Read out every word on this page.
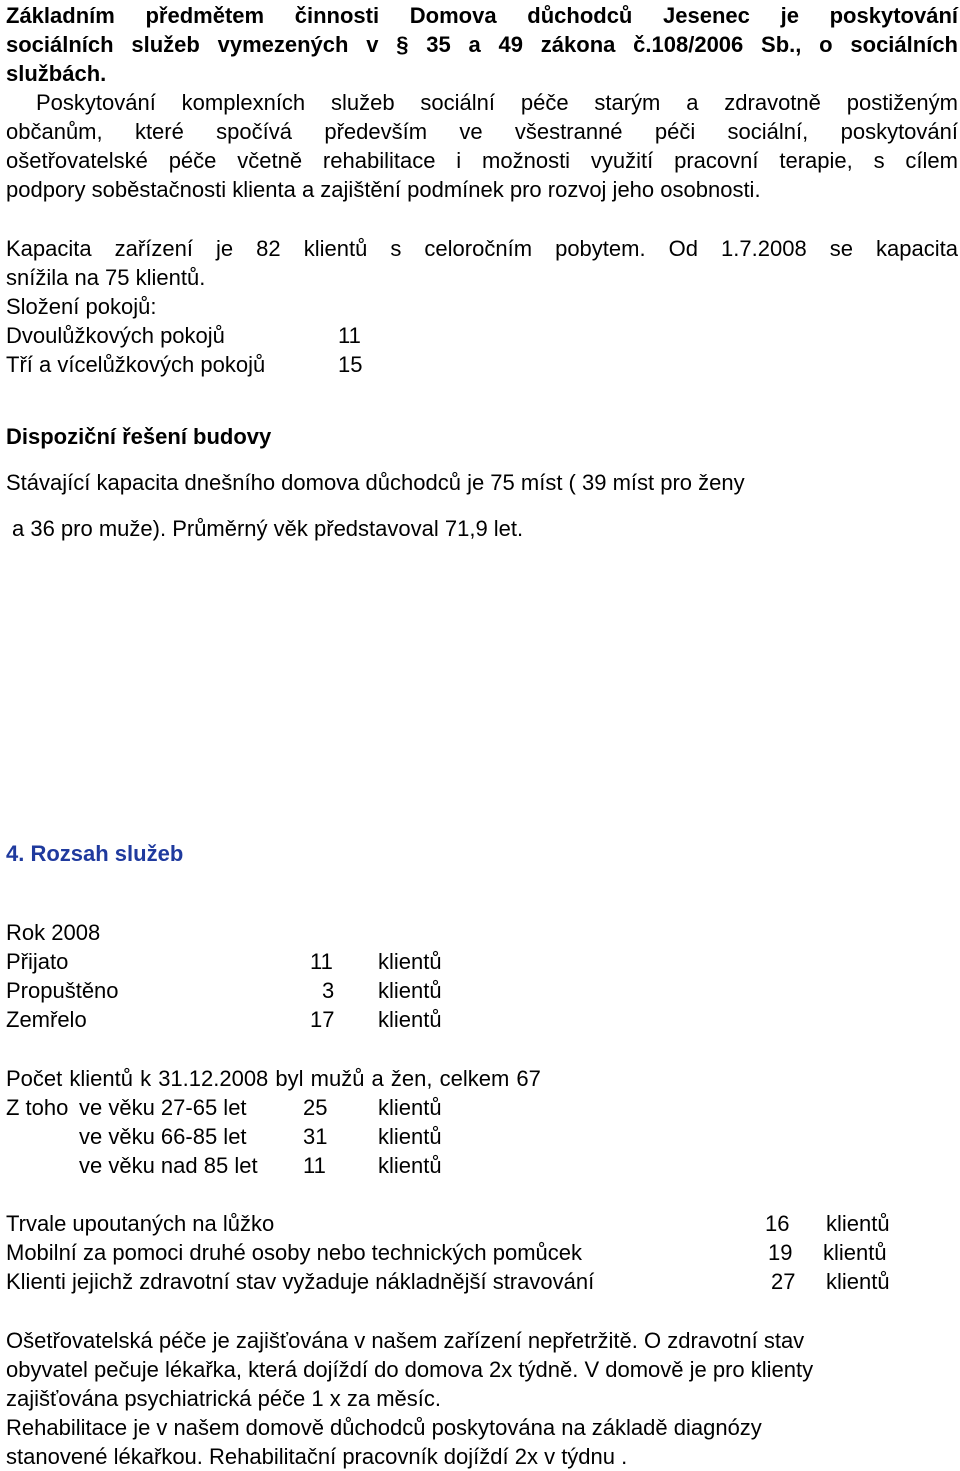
Základním předmětem činnosti Domova důchodců Jesenec je poskytování
sociálních služeb vymezených v § 35 a 49 zákona č.108/2006 Sb., o sociálních
službách.
Poskytování komplexních služeb sociální péče starým a zdravotně postiženým
občanům, které spočívá především ve všestranné péči sociální, poskytování
ošetřovatelské péče včetně rehabilitace i možnosti využití pracovní terapie, s cílem
podpory soběstačnosti klienta a zajištění podmínek pro rozvoj jeho osobnosti.
Kapacita zařízení je 82 klientů s celoročním pobytem. Od 1.7.2008 se kapacita
snížila na 75 klientů.
Složení pokojů:
Dvoulůžkových pokojů	11
Tří a vícelůžkových pokojů	15
Dispoziční řešení budovy
Stávající kapacita dnešního domova důchodců je 75 míst ( 39 míst pro ženy
a 36 pro muže). Průměrný věk představoval 71,9 let.
4. Rozsah služeb
Rok 2008
Přijato	11 klientů
Propuštěno	3 klientů
Zemřelo	17 klientů
Počet klientů k 31.12.2008 byl mužů a žen, celkem 67
Z toho ve věku 27-65 let	25 klientů
ve věku 66-85 let	31 klientů
ve věku nad 85 let 11 klientů
Trvale upoutaných na lůžko	16 klientů
Mobilní za pomoci druhé osoby nebo technických pomůcek	19 klientů
Klienti jejichž zdravotní stav vyžaduje nákladnější stravování	27 klientů
Ošetřovatelská péče je zajišťována v našem zařízení nepřetržitě. O zdravotní stav
obyvatel pečuje lékařka, která dojíždí do domova 2x týdně. V domově je pro klienty
zajišťována psychiatrická péče 1 x za měsíc.
Rehabilitace je v našem domově důchodců poskytována na základě diagnózy
stanovené lékařkou. Rehabilitační pracovník dojíždí 2x v týdnu .
